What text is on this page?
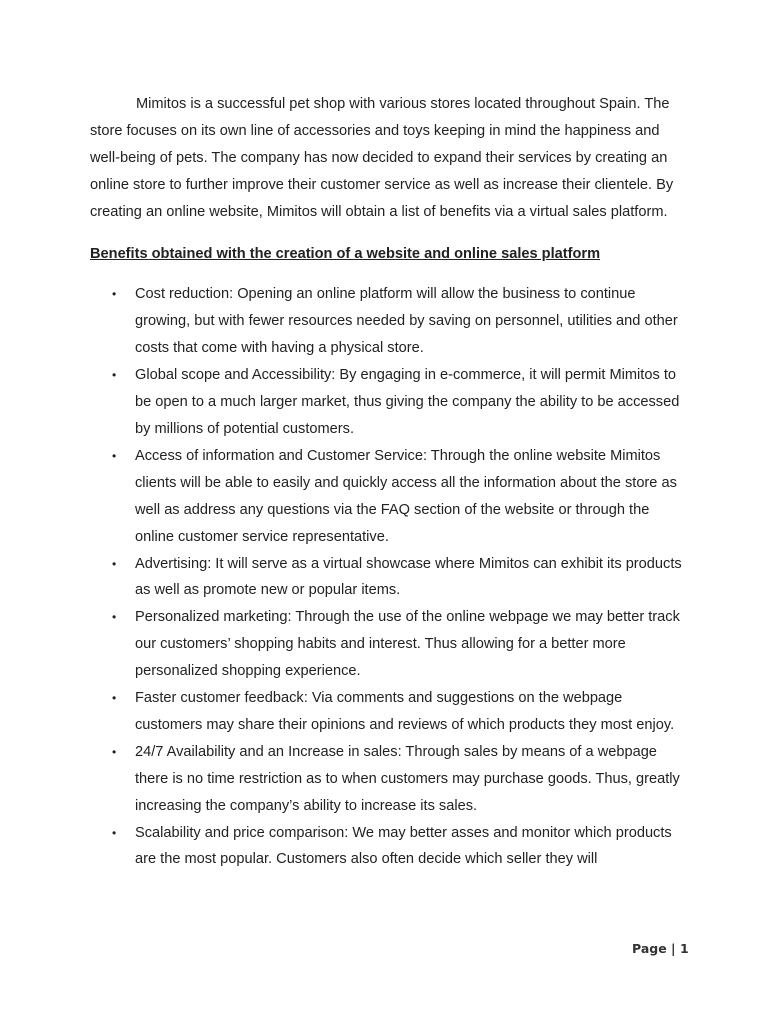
Mimitos is a successful pet shop with various stores located throughout Spain. The store focuses on its own line of accessories and toys keeping in mind the happiness and well-being of pets. The company has now decided to expand their services by creating an online store to further improve their customer service as well as increase their clientele. By creating an online website, Mimitos will obtain a list of benefits via a virtual sales platform.

Benefits obtained with the creation of a website and online sales platform

• Cost reduction: Opening an online platform will allow the business to continue growing, but with fewer resources needed by saving on personnel, utilities and other costs that come with having a physical store.
• Global scope and Accessibility: By engaging in e-commerce, it will permit Mimitos to be open to a much larger market, thus giving the company the ability to be accessed by millions of potential customers.
• Access of information and Customer Service: Through the online website Mimitos clients will be able to easily and quickly access all the information about the store as well as address any questions via the FAQ section of the website or through the online customer service representative.
• Advertising: It will serve as a virtual showcase where Mimitos can exhibit its products as well as promote new or popular items.
• Personalized marketing: Through the use of the online webpage we may better track our customers’ shopping habits and interest. Thus allowing for a better more personalized shopping experience.
• Faster customer feedback: Via comments and suggestions on the webpage customers may share their opinions and reviews of which products they most enjoy.
• 24/7 Availability and an Increase in sales: Through sales by means of a webpage there is no time restriction as to when customers may purchase goods. Thus, greatly increasing the company’s ability to increase its sales.
• Scalability and price comparison: We may better asses and monitor which products are the most popular. Customers also often decide which seller they will
Page | 1
